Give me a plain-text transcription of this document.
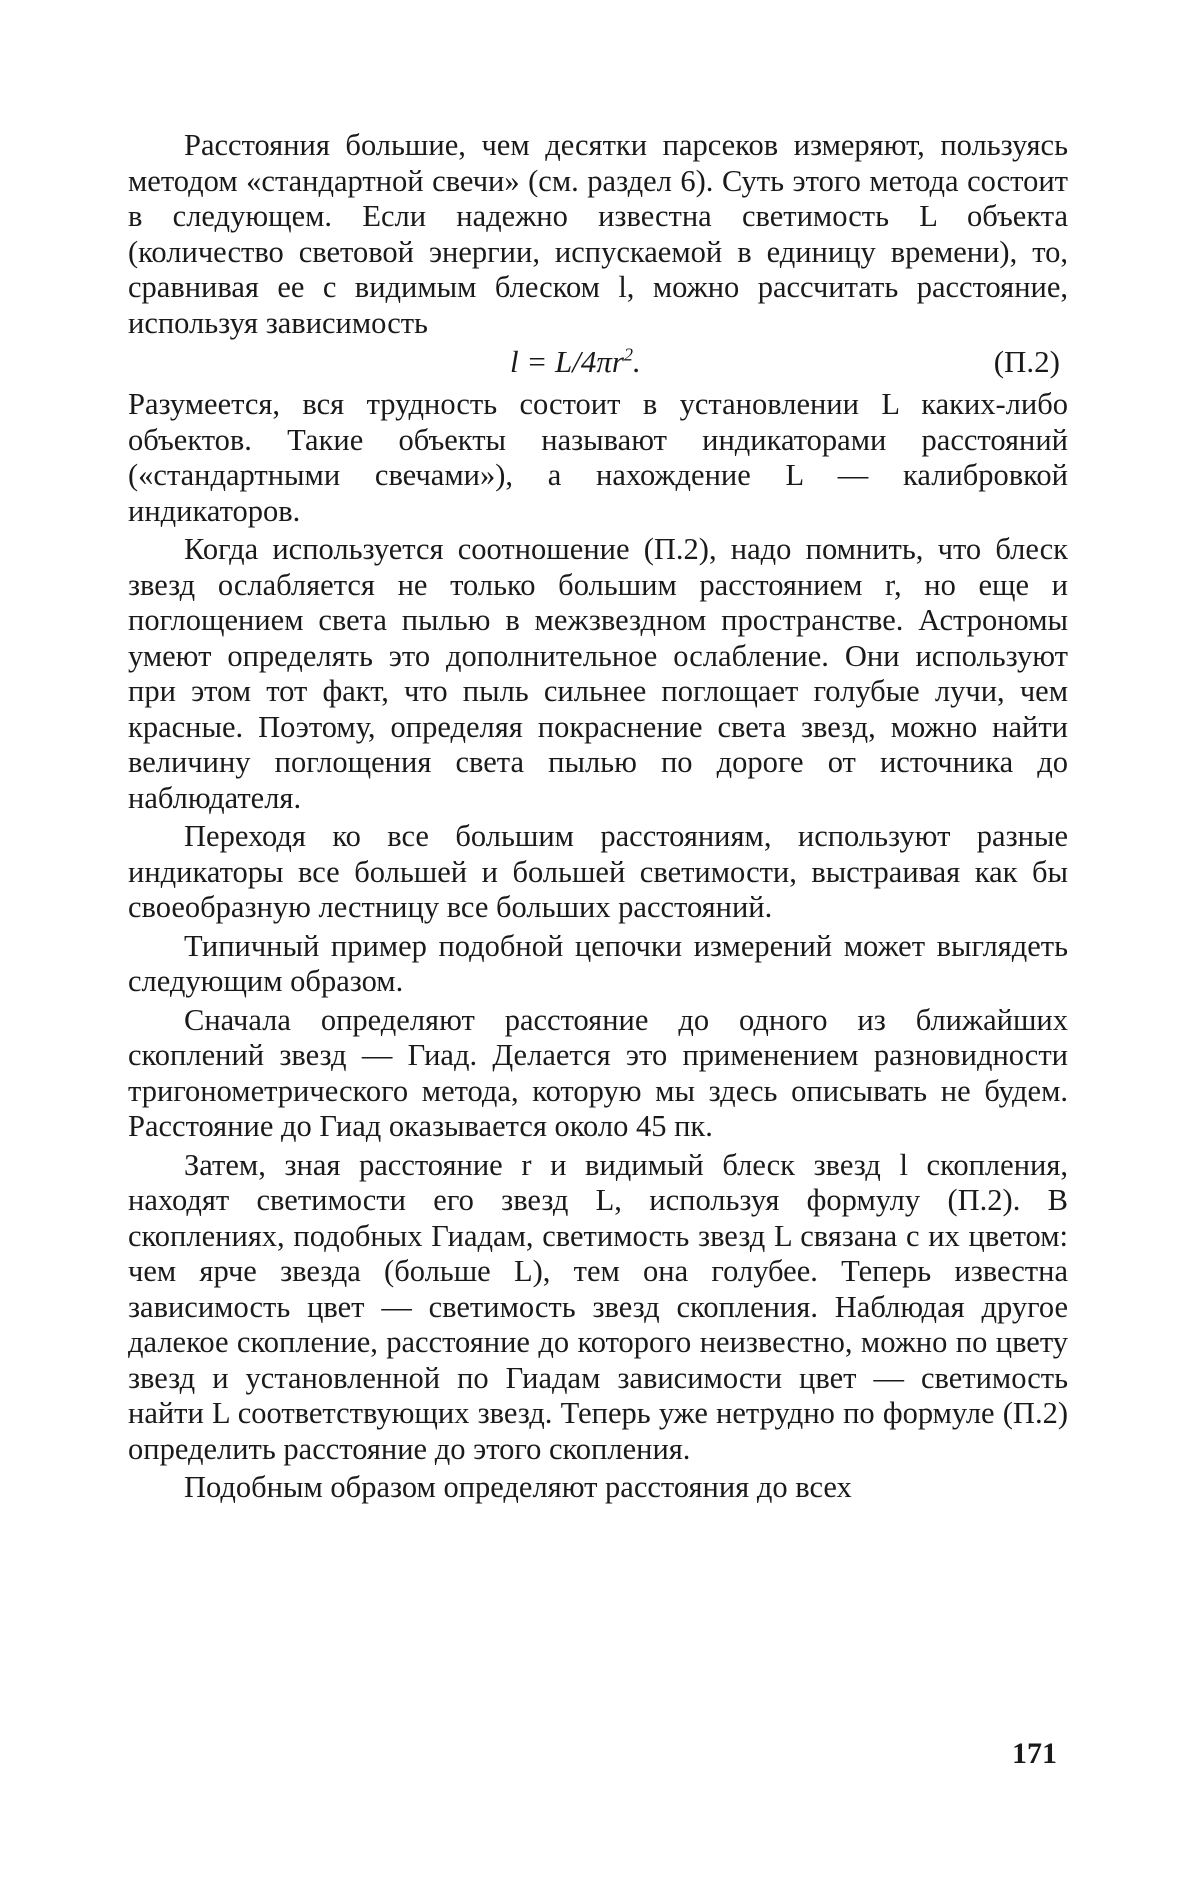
Расстояния большие, чем десятки парсеков измеряют, пользуясь методом «стандартной свечи» (см. раздел 6). Суть этого метода состоит в следующем. Если надежно известна светимость L объекта (количество световой энергии, испускаемой в единицу времени), то, сравнивая ее с видимым блеском l, можно рассчитать расстояние, используя зависимость

$l = L/4\pi r^2$.	(П.2)

Разумеется, вся трудность состоит в установлении L каких-либо объектов. Такие объекты называют индикаторами расстояний («стандартными свечами»), а нахождение L — калибровкой индикаторов.

Когда используется соотношение (П.2), надо помнить, что блеск звезд ослабляется не только большим расстоянием r, но еще и поглощением света пылью в межзвездном пространстве. Астрономы умеют определять это дополнительное ослабление. Они используют при этом тот факт, что пыль сильнее поглощает голубые лучи, чем красные. Поэтому, определяя покраснение света звезд, можно найти величину поглощения света пылью по дороге от источника до наблюдателя.

Переходя ко все большим расстояниям, используют разные индикаторы все большей и большей светимости, выстраивая как бы своеобразную лестницу все больших расстояний.

Типичный пример подобной цепочки измерений может выглядеть следующим образом.

Сначала определяют расстояние до одного из ближайших скоплений звезд — Гиад. Делается это применением разновидности тригонометрического метода, которую мы здесь описывать не будем. Расстояние до Гиад оказывается около 45 пк.

Затем, зная расстояние r и видимый блеск звезд l скопления, находят светимости его звезд L, используя формулу (П.2). В скоплениях, подобных Гиадам, светимость звезд L связана с их цветом: чем ярче звезда (больше L), тем она голубее. Теперь известна зависимость цвет — светимость звезд скопления. Наблюдая другое далекое скопление, расстояние до которого неизвестно, можно по цвету звезд и установленной по Гиадам зависимости цвет — светимость найти L соответствующих звезд. Теперь уже нетрудно по формуле (П.2) определить расстояние до этого скопления.

Подобным образом определяют расстояния до всех

171
